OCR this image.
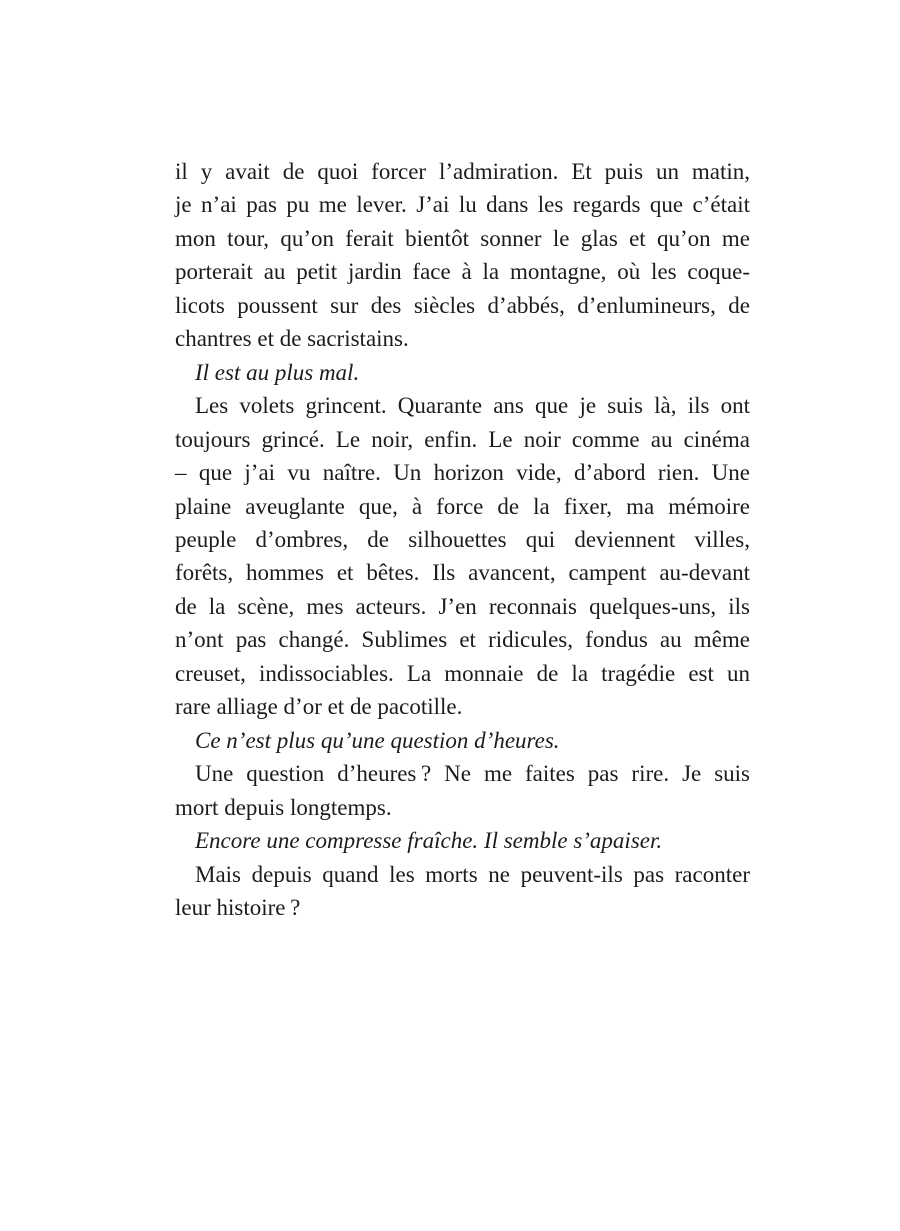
il y avait de quoi forcer l’admiration. Et puis un matin,
je n’ai pas pu me lever. J’ai lu dans les regards que c’était
mon tour, qu’on ferait bientôt sonner le glas et qu’on me
porterait au petit jardin face à la montagne, où les coque-
licots poussent sur des siècles d’abbés, d’enlumineurs, de
chantres et de sacristains.
Il est au plus mal.
Les volets grincent. Quarante ans que je suis là, ils ont
toujours grincé. Le noir, enfin. Le noir comme au cinéma
– que j’ai vu naître. Un horizon vide, d’abord rien. Une
plaine aveuglante que, à force de la fixer, ma mémoire
peuple d’ombres, de silhouettes qui deviennent villes,
forêts, hommes et bêtes. Ils avancent, campent au-devant
de la scène, mes acteurs. J’en reconnais quelques-uns, ils
n’ont pas changé. Sublimes et ridicules, fondus au même
creuset, indissociables. La monnaie de la tragédie est un
rare alliage d’or et de pacotille.
Ce n’est plus qu’une question d’heures.
Une question d’heures ? Ne me faites pas rire. Je suis
mort depuis longtemps.
Encore une compresse fraîche. Il semble s’apaiser.
Mais depuis quand les morts ne peuvent-ils pas raconter
leur histoire ?
